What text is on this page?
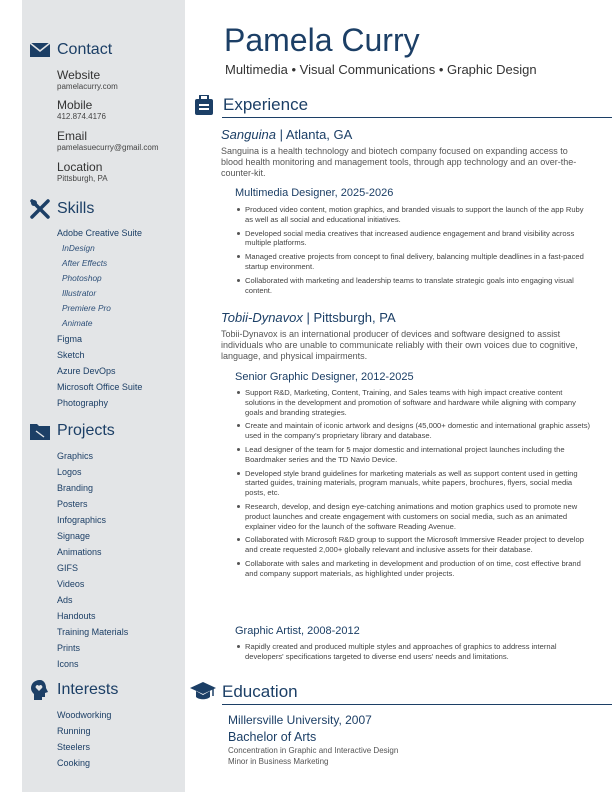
Contact
Website
pamelacurry.com
Mobile
412.874.4176
Email
pamelasuecurry@gmail.com
Location
Pittsburgh, PA
Skills
Adobe Creative Suite
InDesign
After Effects
Photoshop
Illustrator
Premiere Pro
Animate
Figma
Sketch
Azure DevOps
Microsoft Office Suite
Photography
Projects
Graphics
Logos
Branding
Posters
Infographics
Signage
Animations
GIFS
Videos
Ads
Handouts
Training Materials
Prints
Icons
Interests
Woodworking
Running
Steelers
Cooking
Pamela Curry
Multimedia • Visual Communications • Graphic Design
Experience
Sanguina | Atlanta, GA
Sanguina is a health technology and biotech company focused on expanding access to blood health monitoring and management tools, through app technology and an over-the-counter-kit.
Multimedia Designer, 2025-2026
Produced video content, motion graphics, and branded visuals to support the launch of the app Ruby as well as all social and educational initiatives.
Developed social media creatives that increased audience engagement and brand visibility across multiple platforms.
Managed creative projects from concept to final delivery, balancing multiple deadlines in a fast-paced startup environment.
Collaborated with marketing and leadership teams to translate strategic goals into engaging visual content.
Tobii-Dynavox | Pittsburgh, PA
Tobii-Dynavox is an international producer of devices and software designed to assist individuals who are unable to communicate reliably with their own voices due to cognitive, language, and physical impairments.
Senior Graphic Designer, 2012-2025
Support R&D, Marketing, Content, Training, and Sales teams with high impact creative content solutions in the development and promotion of software and hardware while aligning with company goals and branding strategies.
Create and maintain of iconic artwork and designs (45,000+ domestic and international graphic assets) used in the company's proprietary library and database.
Lead designer of the team for 5 major domestic and international project launches including the Boardmaker series and the TD Navio Device.
Developed style brand guidelines for marketing materials as well as support content used in getting started guides, training materials, program manuals, white papers, brochures, flyers, social media posts, etc.
Research, develop, and design eye-catching animations and motion graphics used to promote new product launches and create engagement with customers on social media, such as an animated explainer video for the launch of the software Reading Avenue.
Collaborated with Microsoft R&D group to support the Microsoft Immersive Reader project to develop and create requested 2,000+ globally relevant and inclusive assets for their database.
Collaborate with sales and marketing in development and production of on time, cost effective brand and company support materials, as highlighted under projects.
Graphic Artist, 2008-2012
Rapidly created and produced multiple styles and approaches of graphics to address internal developers' specifications targeted to diverse end users' needs and limitations.
Education
Millersville University, 2007
Bachelor of Arts
Concentration in Graphic and Interactive Design
Minor in Business Marketing
